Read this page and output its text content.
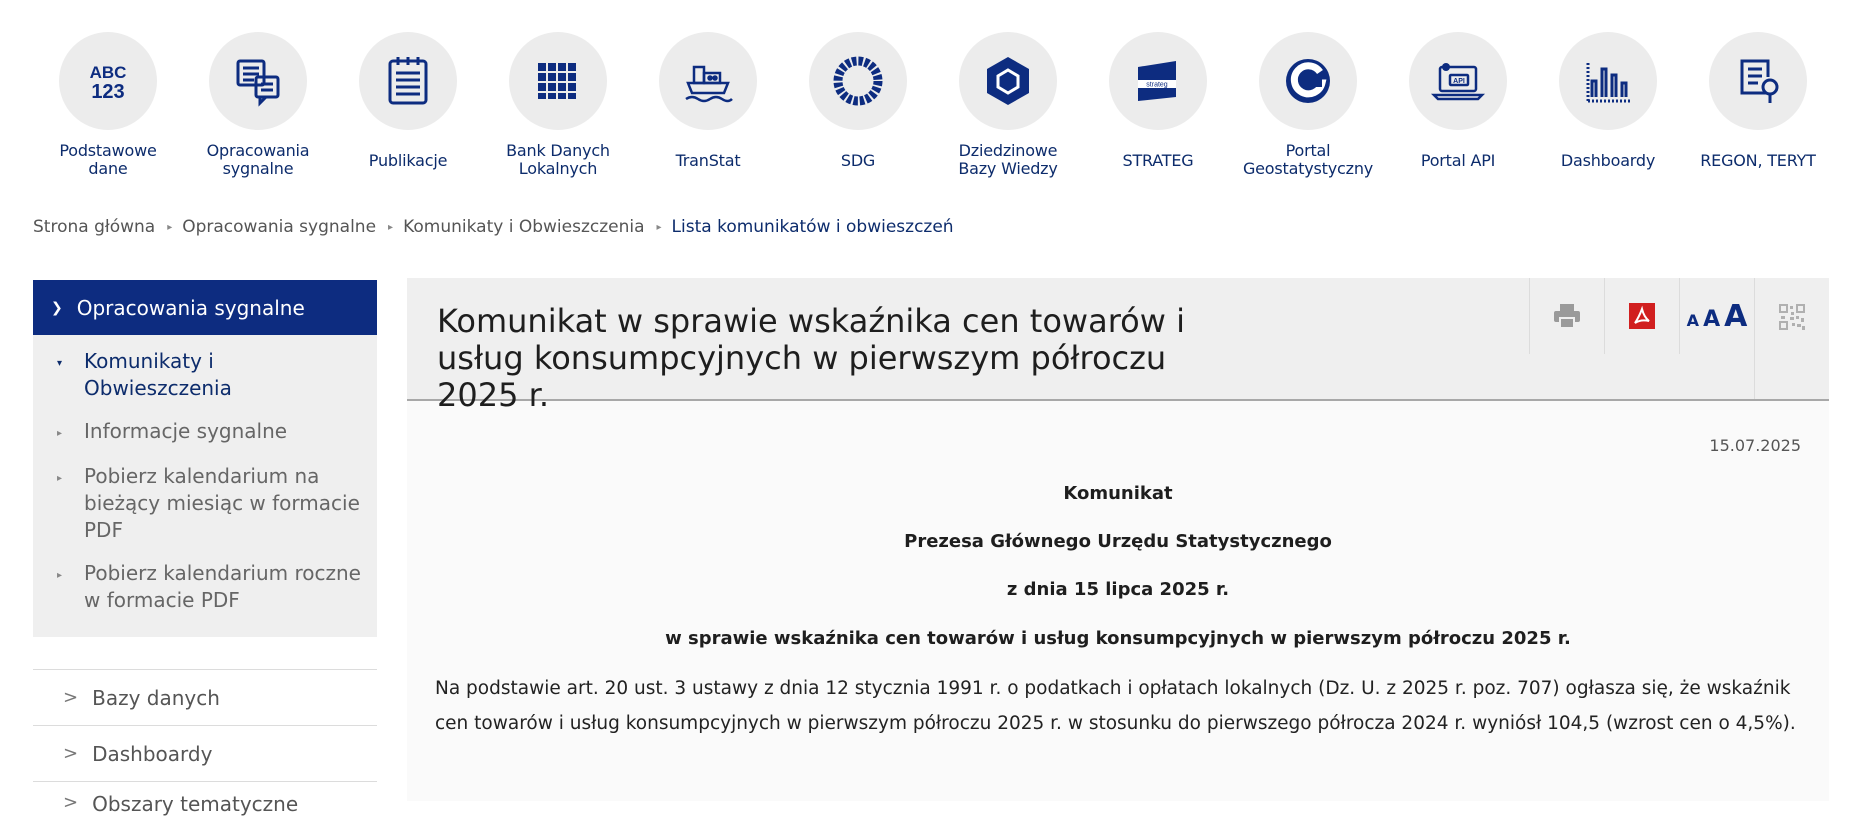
ABC
123
Podstawowe
dane
Opracowania
sygnalne	Publikacje
Bank Danych
Lokalnych	TranStat	SDG
Dziedzinowe
Bazy Wiedzy
strateg
STRATEG
Portal
Geostatystyczny
API
Portal API	Dashboardy	REGON, TERYT
Strona główna ▸ Opracowania sygnalne ▸ Komunikaty i Obwieszczenia ▸ Lista komunikatów i obwieszczeń
❯ Opracowania sygnalne
▾	Komunikaty i Obwieszczenia
▸	Informacje sygnalne
▸	Pobierz kalendarium na bieżący miesiąc w formacie PDF
▸	Pobierz kalendarium roczne w formacie PDF
> Bazy danych
> Dashboardy
> Obszary tematyczne
Komunikat w sprawie wskaźnika cen towarów i usług konsumpcyjnych w pierwszym półroczu 2025 r.
A A A
15.07.2025
Komunikat
Prezesa Głównego Urzędu Statystycznego
z dnia 15 lipca 2025 r.
w sprawie wskaźnika cen towarów i usług konsumpcyjnych w pierwszym półroczu 2025 r.

Na podstawie art. 20 ust. 3 ustawy z dnia 12 stycznia 1991 r. o podatkach i opłatach lokalnych (Dz. U. z 2025 r. poz. 707) ogłasza się, że wskaźnik cen towarów i usług konsumpcyjnych w pierwszym półroczu 2025 r. w stosunku do pierwszego półrocza 2024 r. wyniósł 104,5 (wzrost cen o 4,5%).
